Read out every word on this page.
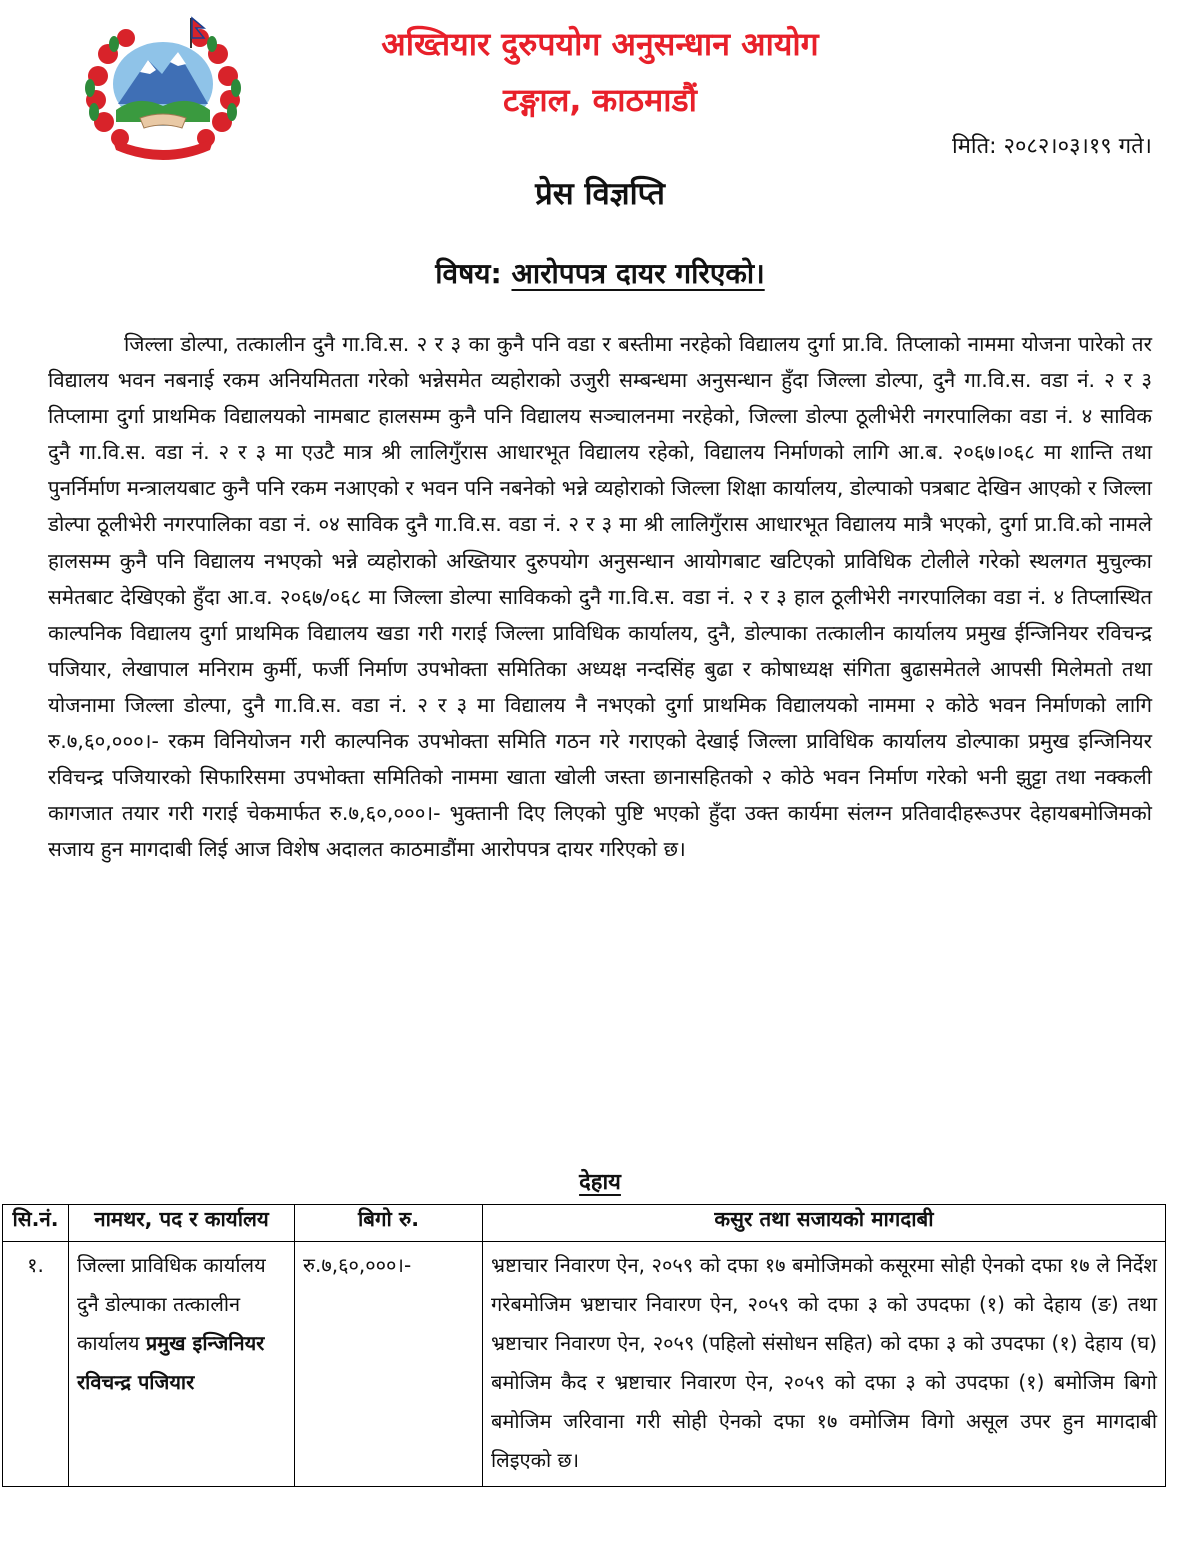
अख्तियार दुरुपयोग अनुसन्धान आयोग
टङ्गाल, काठमाडौं
मिति: २०८२।०३।१९ गते।
प्रेस विज्ञप्ति
विषय: आरोपपत्र दायर गरिएको।

जिल्ला डोल्पा, तत्कालीन दुनै गा.वि.स. २ र ३ का कुनै पनि वडा र बस्तीमा नरहेको विद्यालय दुर्गा प्रा.वि. तिप्लाको नाममा योजना पारेको तर विद्यालय भवन नबनाई रकम अनियमितता गरेको भन्नेसमेत व्यहोराको उजुरी सम्बन्धमा अनुसन्धान हुँदा जिल्ला डोल्पा, दुनै गा.वि.स. वडा नं. २ र ३ तिप्लामा दुर्गा प्राथमिक विद्यालयको नामबाट हालसम्म कुनै पनि विद्यालय सञ्चालनमा नरहेको, जिल्ला डोल्पा ठूलीभेरी नगरपालिका वडा नं. ४ साविक दुनै गा.वि.स. वडा नं. २ र ३ मा एउटै मात्र श्री लालिगुँरास आधारभूत विद्यालय रहेको, विद्यालय निर्माणको लागि आ.ब. २०६७।०६८ मा शान्ति तथा पुनर्निर्माण मन्त्रालयबाट कुनै पनि रकम नआएको र भवन पनि नबनेको भन्ने व्यहोराको जिल्ला शिक्षा कार्यालय, डोल्पाको पत्रबाट देखिन आएको र जिल्ला डोल्पा ठूलीभेरी नगरपालिका वडा नं. ०४ साविक दुनै गा.वि.स. वडा नं. २ र ३ मा श्री लालिगुँरास आधारभूत विद्यालय मात्रै भएको, दुर्गा प्रा.वि.को नामले हालसम्म कुनै पनि विद्यालय नभएको भन्ने व्यहोराको अख्तियार दुरुपयोग अनुसन्धान आयोगबाट खटिएको प्राविधिक टोलीले गरेको स्थलगत मुचुल्का समेतबाट देखिएको हुँदा आ.व. २०६७/०६८ मा जिल्ला डोल्पा साविकको दुनै गा.वि.स. वडा नं. २ र ३ हाल ठूलीभेरी नगरपालिका वडा नं. ४ तिप्लास्थित काल्पनिक विद्यालय दुर्गा प्राथमिक विद्यालय खडा गरी गराई जिल्ला प्राविधिक कार्यालय, दुनै, डोल्पाका तत्कालीन कार्यालय प्रमुख ईन्जिनियर रविचन्द्र पजियार, लेखापाल मनिराम कुर्मी, फर्जी निर्माण उपभोक्ता समितिका अध्यक्ष नन्दसिंह बुढा र कोषाध्यक्ष संगिता बुढासमेतले आपसी मिलेमतो तथा योजनामा जिल्ला डोल्पा, दुनै गा.वि.स. वडा नं. २ र ३ मा विद्यालय नै नभएको दुर्गा प्राथमिक विद्यालयको नाममा २ कोठे भवन निर्माणको लागि रु.७,६०,०००।- रकम विनियोजन गरी काल्पनिक उपभोक्ता समिति गठन गरे गराएको देखाई जिल्ला प्राविधिक कार्यालय डोल्पाका प्रमुख इन्जिनियर रविचन्द्र पजियारको सिफारिसमा उपभोक्ता समितिको नाममा खाता खोली जस्ता छानासहितको २ कोठे भवन निर्माण गरेको भनी झुट्टा तथा नक्कली कागजात तयार गरी गराई चेकमार्फत रु.७,६०,०००।- भुक्तानी दिए लिएको पुष्टि भएको हुँदा उक्त कार्यमा संलग्न प्रतिवादीहरूउपर देहायबमोजिमको सजाय हुन मागदाबी लिई आज विशेष अदालत काठमाडौंमा आरोपपत्र दायर गरिएको छ।

देहाय
सि.नं.	नामथर, पद र कार्यालय	बिगो रु.	कसुर तथा सजायको मागदाबी
१.	जिल्ला प्राविधिक कार्यालय दुनै डोल्पाका तत्कालीन कार्यालय प्रमुख इन्जिनियर रविचन्द्र पजियार	रु.७,६०,०००।-	भ्रष्टाचार निवारण ऐन, २०५९ को दफा १७ बमोजिमको कसूरमा सोही ऐनको दफा १७ ले निर्देश गरेबमोजिम भ्रष्टाचार निवारण ऐन, २०५९ को दफा ३ को उपदफा (१) को देहाय (ङ) तथा भ्रष्टाचार निवारण ऐन, २०५९ (पहिलो संसोधन सहित) को दफा ३ को उपदफा (१) देहाय (घ) बमोजिम कैद र भ्रष्टाचार निवारण ऐन, २०५९ को दफा ३ को उपदफा (१) बमोजिम बिगो बमोजिम जरिवाना गरी सोही ऐनको दफा १७ वमोजिम विगो असूल उपर हुन मागदाबी लिइएको छ।
